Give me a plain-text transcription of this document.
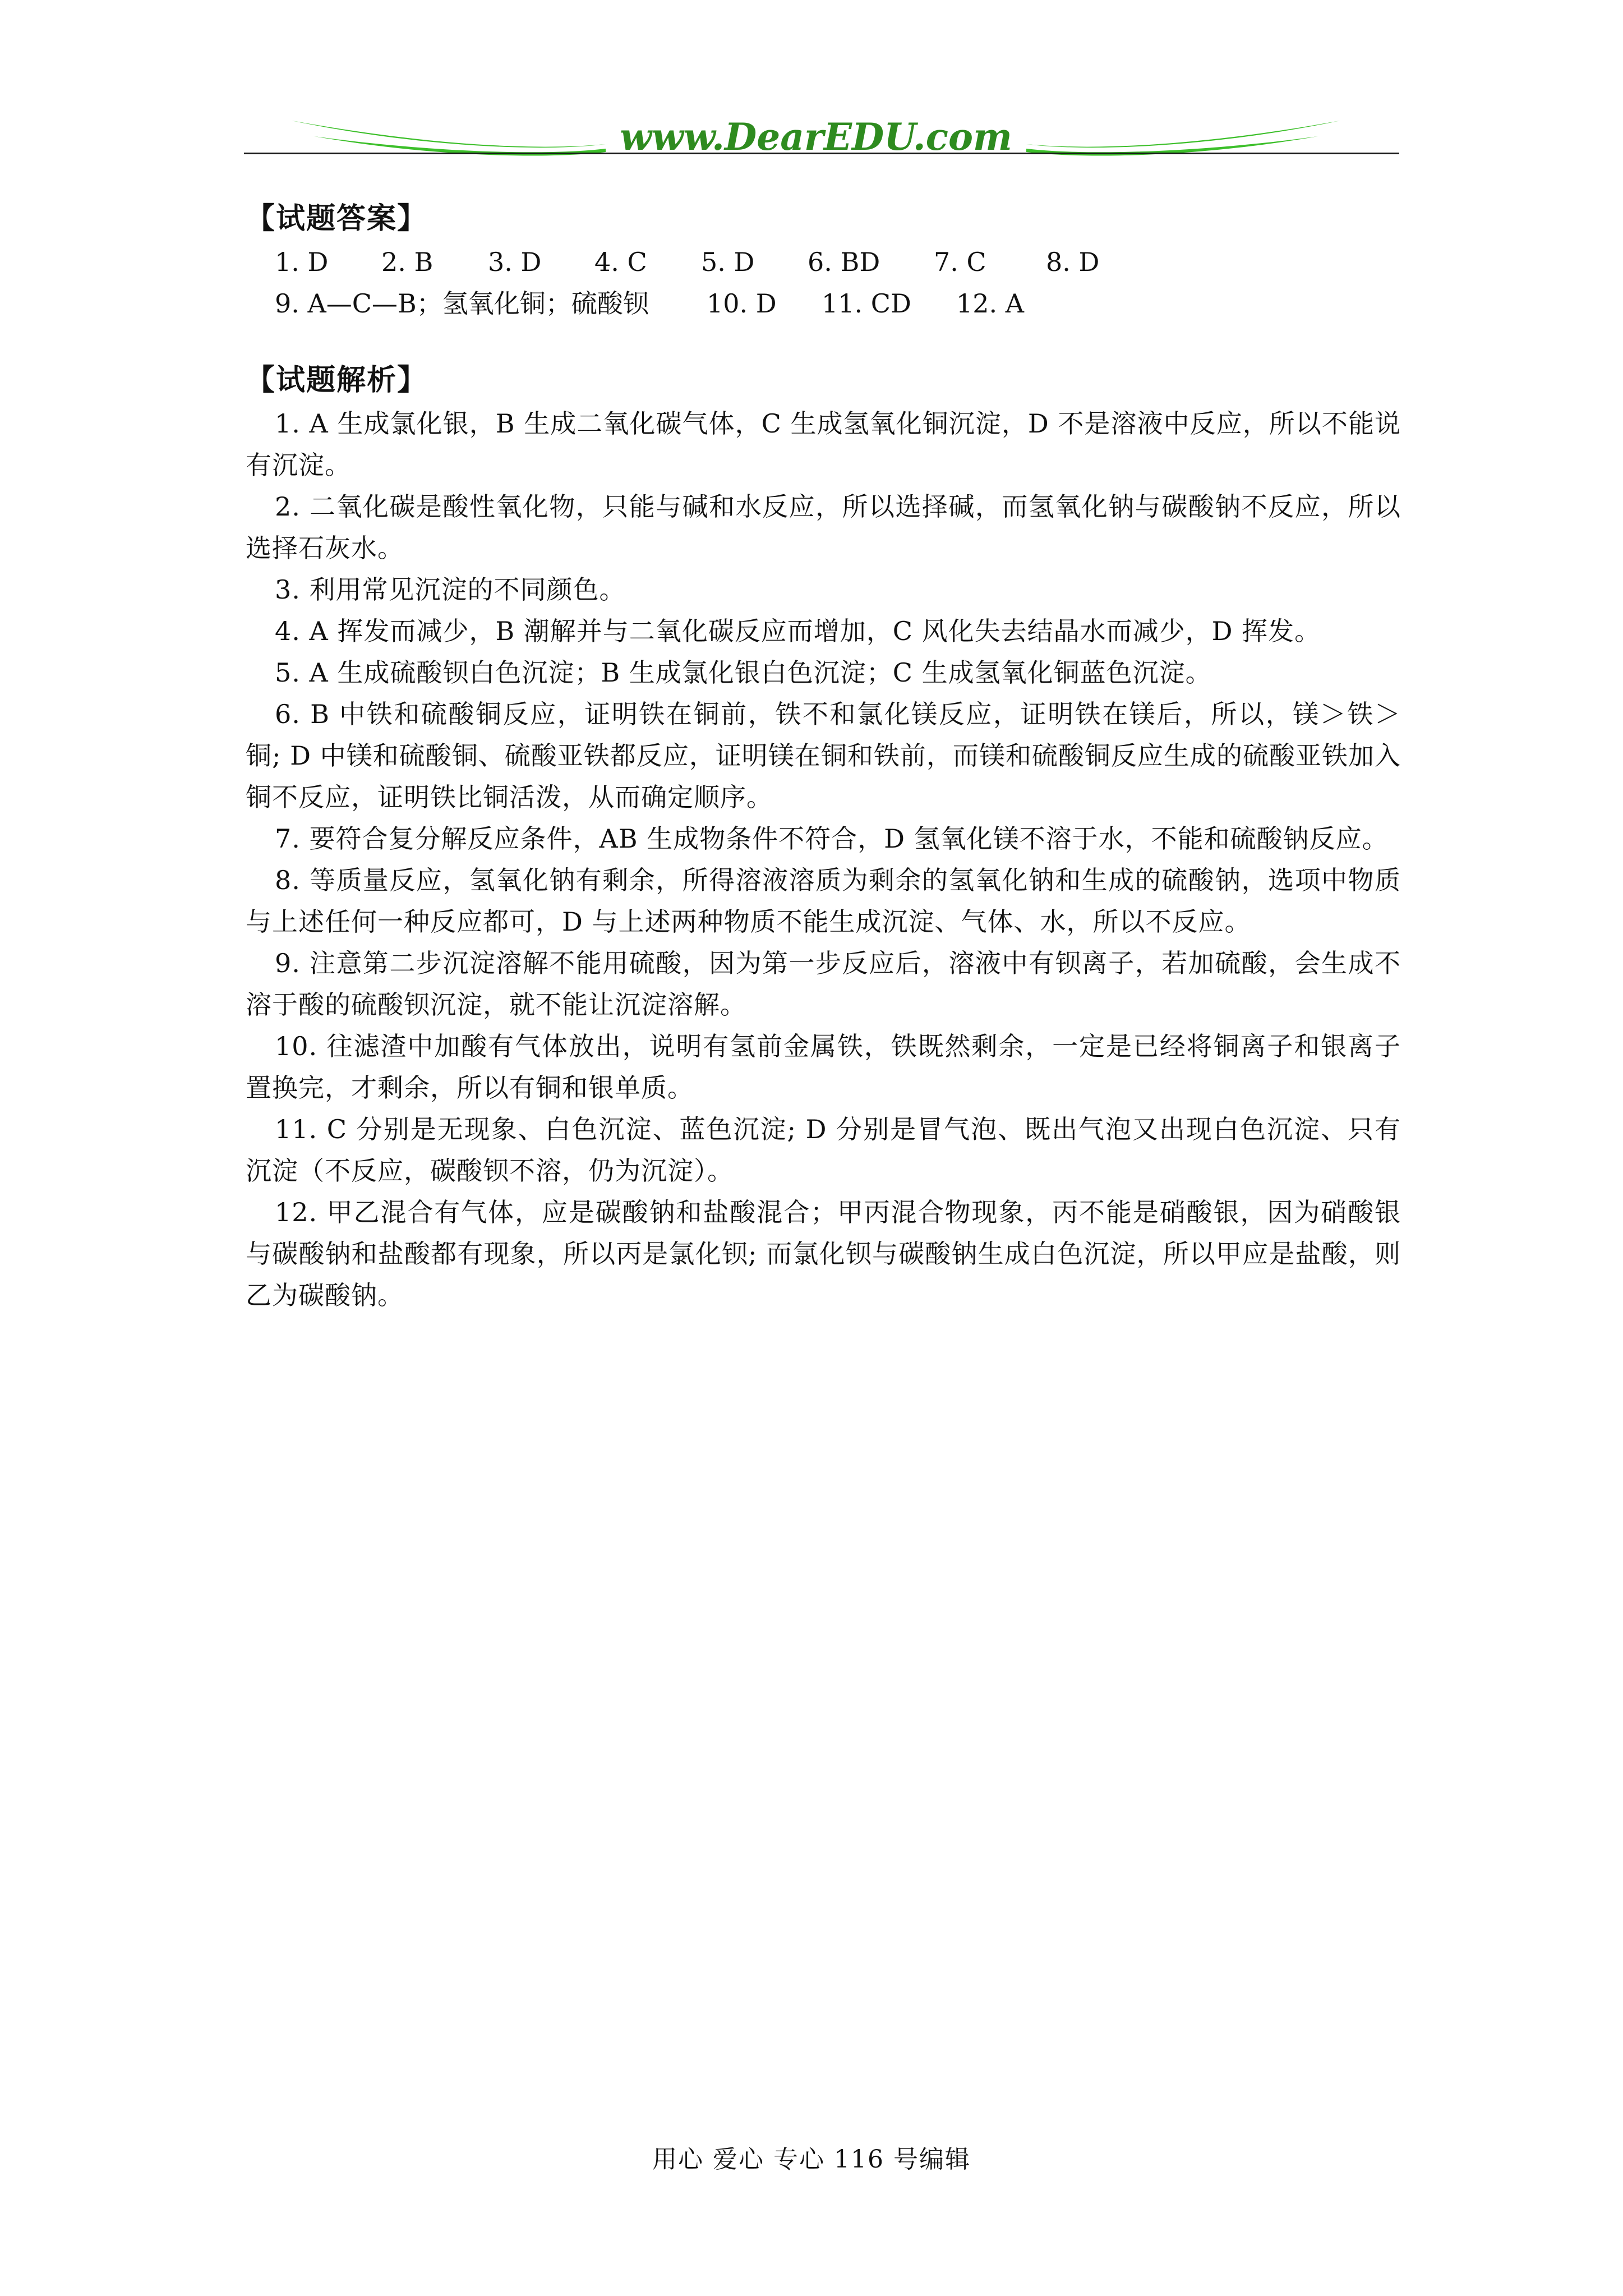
www.DearEDU.com
【试题答案】
1. D	2. B	3. D	4. C	5. D	6. BD	7. C	8. D
9. A—C—B；氢氧化铜；硫酸钡	10. D	11. CD	12. A
【试题解析】

1. A 生成氯化银，B 生成二氧化碳气体，C 生成氢氧化铜沉淀，D 不是溶液中反应，所以不能说有沉淀。

2. 二氧化碳是酸性氧化物，只能与碱和水反应，所以选择碱，而氢氧化钠与碳酸钠不反应，所以选择石灰水。

3. 利用常见沉淀的不同颜色。

4. A 挥发而减少，B 潮解并与二氧化碳反应而增加，C 风化失去结晶水而减少，D 挥发。

5. A 生成硫酸钡白色沉淀；B 生成氯化银白色沉淀；C 生成氢氧化铜蓝色沉淀。

6. B 中铁和硫酸铜反应，证明铁在铜前，铁不和氯化镁反应，证明铁在镁后，所以，镁＞铁＞铜; D 中镁和硫酸铜、硫酸亚铁都反应，证明镁在铜和铁前，而镁和硫酸铜反应生成的硫酸亚铁加入铜不反应，证明铁比铜活泼，从而确定顺序。

7. 要符合复分解反应条件，AB 生成物条件不符合，D 氢氧化镁不溶于水，不能和硫酸钠反应。

8. 等质量反应，氢氧化钠有剩余，所得溶液溶质为剩余的氢氧化钠和生成的硫酸钠，选项中物质与上述任何一种反应都可，D 与上述两种物质不能生成沉淀、气体、水，所以不反应。

9. 注意第二步沉淀溶解不能用硫酸，因为第一步反应后，溶液中有钡离子，若加硫酸，会生成不溶于酸的硫酸钡沉淀，就不能让沉淀溶解。

10. 往滤渣中加酸有气体放出，说明有氢前金属铁，铁既然剩余，一定是已经将铜离子和银离子置换完，才剩余，所以有铜和银单质。

11. C 分别是无现象、白色沉淀、蓝色沉淀; D 分别是冒气泡、既出气泡又出现白色沉淀、只有沉淀（不反应，碳酸钡不溶，仍为沉淀）。

12. 甲乙混合有气体，应是碳酸钠和盐酸混合；甲丙混合物现象，丙不能是硝酸银，因为硝酸银与碳酸钠和盐酸都有现象，所以丙是氯化钡; 而氯化钡与碳酸钠生成白色沉淀，所以甲应是盐酸，则乙为碳酸钠。

用心 爱心 专心 116 号编辑
